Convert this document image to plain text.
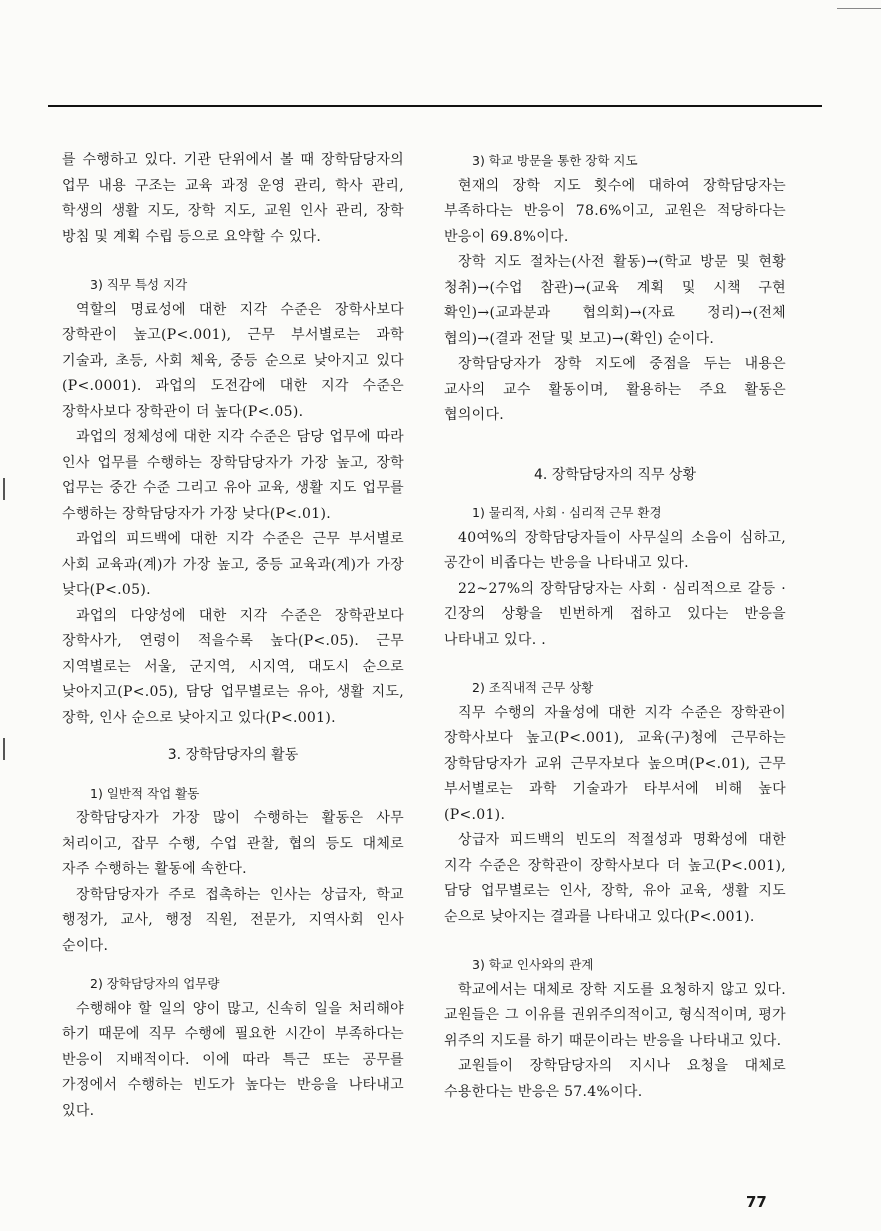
를 수행하고 있다. 기관 단위에서 볼 때 장학담당자의 업무 내용 구조는 교육 과정 운영 관리, 학사 관리, 학생의 생활 지도, 장학 지도, 교원 인사 관리, 장학 방침 및 계획 수립 등으로 요약할 수 있다.

3) 직무 특성 지각

역할의 명료성에 대한 지각 수준은 장학사보다 장학관이 높고(P<.001), 근무 부서별로는 과학 기술과, 초등, 사회 체육, 중등 순으로 낮아지고 있다(P<.0001). 과업의 도전감에 대한 지각 수준은 장학사보다 장학관이 더 높다(P<.05).

과업의 정체성에 대한 지각 수준은 담당 업무에 따라 인사 업무를 수행하는 장학담당자가 가장 높고, 장학 업무는 중간 수준 그리고 유아 교육, 생활 지도 업무를 수행하는 장학담당자가 가장 낮다(P<.01).

과업의 피드백에 대한 지각 수준은 근무 부서별로 사회 교육과(계)가 가장 높고, 중등 교육과(계)가 가장 낮다(P<.05).

과업의 다양성에 대한 지각 수준은 장학관보다 장학사가, 연령이 적을수록 높다(P<.05). 근무 지역별로는 서울, 군지역, 시지역, 대도시 순으로 낮아지고(P<.05), 담당 업무별로는 유아, 생활 지도, 장학, 인사 순으로 낮아지고 있다(P<.001).

3. 장학담당자의 활동
1) 일반적 작업 활동

장학담당자가 가장 많이 수행하는 활동은 사무 처리이고, 잡무 수행, 수업 관찰, 협의 등도 대체로 자주 수행하는 활동에 속한다.

장학담당자가 주로 접촉하는 인사는 상급자, 학교 행정가, 교사, 행정 직원, 전문가, 지역사회 인사 순이다.

2) 장학담당자의 업무량

수행해야 할 일의 양이 많고, 신속히 일을 처리해야 하기 때문에 직무 수행에 필요한 시간이 부족하다는 반응이 지배적이다. 이에 따라 특근 또는 공무를 가정에서 수행하는 빈도가 높다는 반응을 나타내고 있다.

3) 학교 방문을 통한 장학 지도

현재의 장학 지도 횟수에 대하여 장학담당자는 부족하다는 반응이 78.6%이고, 교원은 적당하다는 반응이 69.8%이다.

장학 지도 절차는(사전 활동)→(학교 방문 및 현황 청취)→(수업 참관)→(교육 계획 및 시책 구현 확인)→(교과분과 협의회)→(자료 정리)→(전체 협의)→(결과 전달 및 보고)→(확인) 순이다.

장학담당자가 장학 지도에 중점을 두는 내용은 교사의 교수 활동이며, 활용하는 주요 활동은 협의이다.

4. 장학담당자의 직무 상황
1) 물리적, 사회 · 심리적 근무 환경

40여%의 장학담당자들이 사무실의 소음이 심하고, 공간이 비좁다는 반응을 나타내고 있다.

22~27%의 장학담당자는 사회 · 심리적으로 갈등 · 긴장의 상황을 빈번하게 접하고 있다는 반응을 나타내고 있다. .

2) 조직내적 근무 상황

직무 수행의 자율성에 대한 지각 수준은 장학관이 장학사보다 높고(P<.001), 교육(구)청에 근무하는 장학담당자가 교위 근무자보다 높으며(P<.01), 근무 부서별로는 과학 기술과가 타부서에 비해 높다(P<.01).

상급자 피드백의 빈도의 적절성과 명확성에 대한 지각 수준은 장학관이 장학사보다 더 높고(P<.001), 담당 업무별로는 인사, 장학, 유아 교육, 생활 지도 순으로 낮아지는 결과를 나타내고 있다(P<.001).

3) 학교 인사와의 관계

학교에서는 대체로 장학 지도를 요청하지 않고 있다. 교원들은 그 이유를 권위주의적이고, 형식적이며, 평가 위주의 지도를 하기 때문이라는 반응을 나타내고 있다.

교원들이 장학담당자의 지시나 요청을 대체로 수용한다는 반응은 57.4%이다.

77
